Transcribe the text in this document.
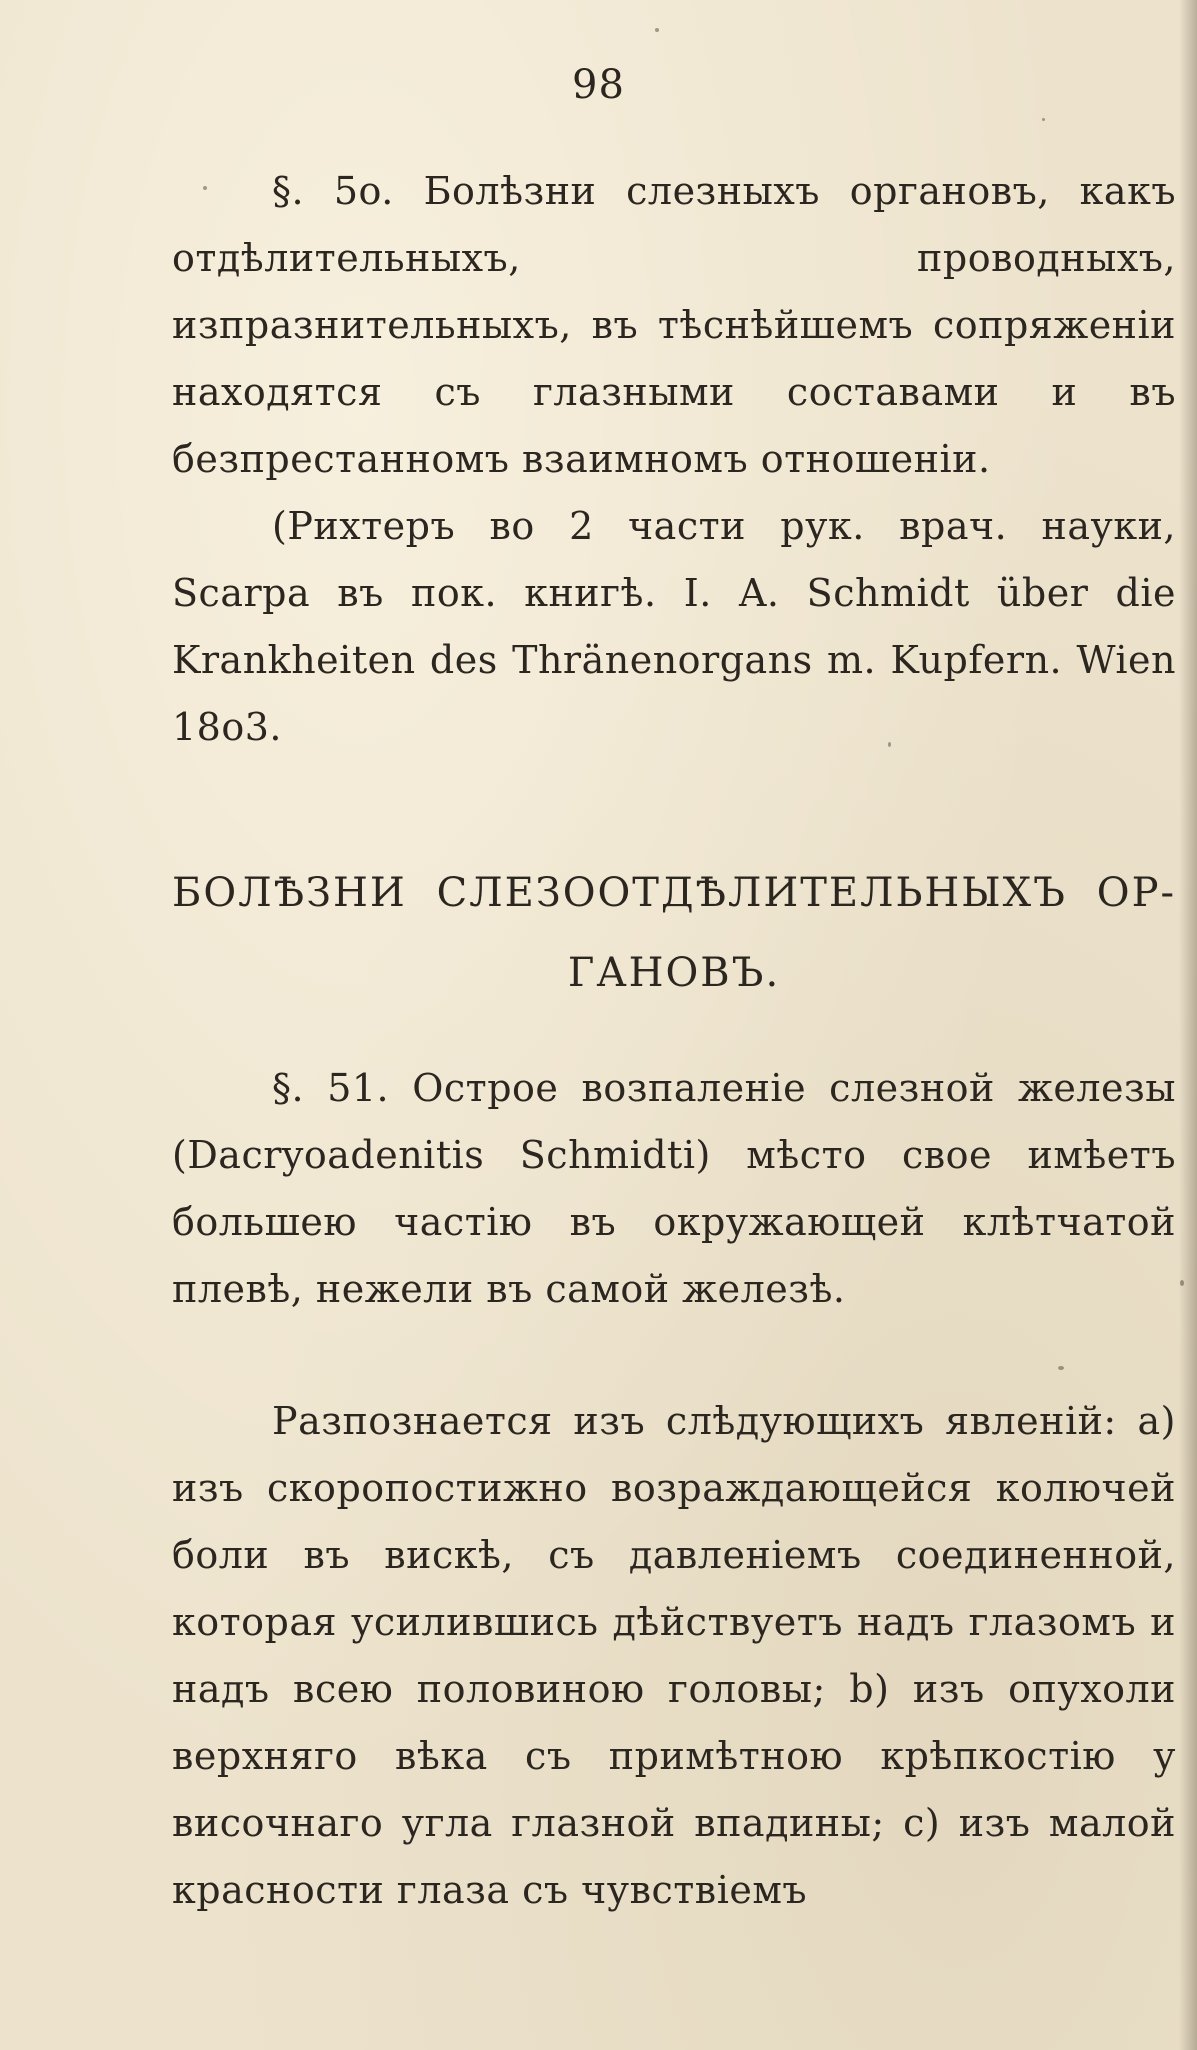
98

§. 5o. Болѣзни слезныхъ органовъ, какъ отдѣлительныхъ, проводныхъ, изпразнительныхъ, въ тѣснѣйшемъ сопряженіи находятся съ глазными составами и въ безпрестанномъ взаимномъ отношеніи.

(Рихтеръ во 2 части рук. врач. науки, Scarpa въ пок. книгѣ. I. A. Schmidt über die Krankheiten des Thränenorgans m. Kupfern. Wien 18o3.

БОЛѢЗНИ СЛЕЗООТДѢЛИТЕЛЬНЫХЪ ОР-
ГАНОВЪ.

§. 51. Острое возпаленіе слезной железы (Dacryoadenitis Schmidti) мѣсто свое имѣетъ большею частію въ окружающей клѣтчатой плевѣ, нежели въ самой железѣ.

Разпознается изъ слѣдующихъ явленій: a) изъ скоропостижно возраждающейся колючей боли въ вискѣ, съ давленіемъ соединенной, которая усилившись дѣйствуетъ надъ глазомъ и надъ всею половиною головы; b) изъ опухоли верхняго вѣка съ примѣтною крѣпкостію у височнаго угла глазной впадины; c) изъ малой красности глаза съ чувствіемъ
